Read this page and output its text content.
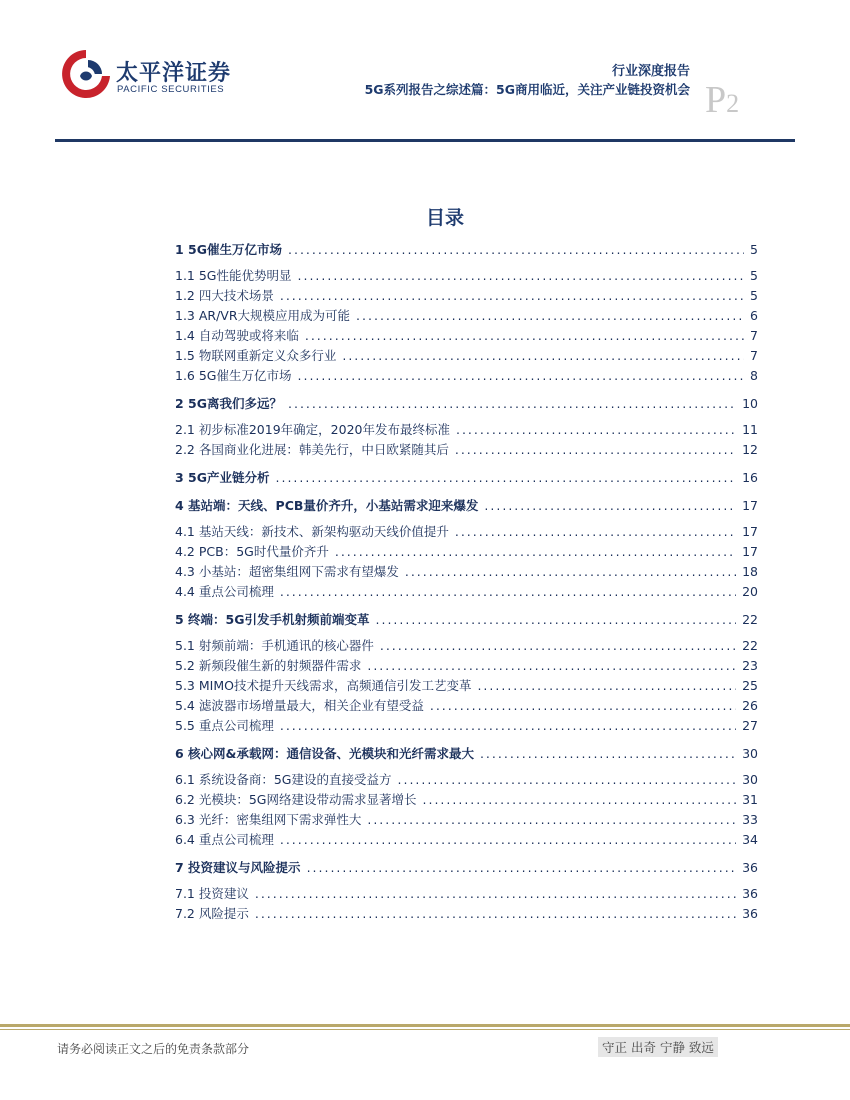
太平洋证券
PACIFIC SECURITIES
行业深度报告
5G系列报告之综述篇：5G商用临近，关注产业链投资机会 P2
目录
1 5G催生万亿市场 .....	5
1.1 5G性能优势明显 .....	5
1.2 四大技术场景 .....	5
1.3 AR/VR大规模应用成为可能 .....	6
1.4 自动驾驶或将来临 .....	7
1.5 物联网重新定义众多行业 .....	7
1.6 5G催生万亿市场 .....	8
2 5G离我们多远？ .....	10
2.1 初步标准2019年确定，2020年发布最终标准 .....	11
2.2 各国商业化进展：韩美先行，中日欧紧随其后 .....	12
3 5G产业链分析 .....	16
4 基站端：天线、PCB量价齐升，小基站需求迎来爆发 .....	17
4.1 基站天线：新技术、新架构驱动天线价值提升 .....	17
4.2 PCB：5G时代量价齐升 .....	17
4.3 小基站：超密集组网下需求有望爆发 .....	18
4.4 重点公司梳理 .....	20
5 终端：5G引发手机射频前端变革 .....	22
5.1 射频前端：手机通讯的核心器件 .....	22
5.2 新频段催生新的射频器件需求 .....	23
5.3 MIMO技术提升天线需求，高频通信引发工艺变革 .....	25
5.4 滤波器市场增量最大，相关企业有望受益 .....	26
5.5 重点公司梳理 .....	27
6 核心网&承载网：通信设备、光模块和光纤需求最大 .....	30
6.1 系统设备商：5G建设的直接受益方 .....	30
6.2 光模块：5G网络建设带动需求显著增长 .....	31
6.3 光纤：密集组网下需求弹性大 .....	33
6.4 重点公司梳理 .....	34
7 投资建议与风险提示 .....	36
7.1 投资建议 .....	36
7.2 风险提示 .....	36
请务必阅读正文之后的免责条款部分	守正 出奇 宁静 致远
